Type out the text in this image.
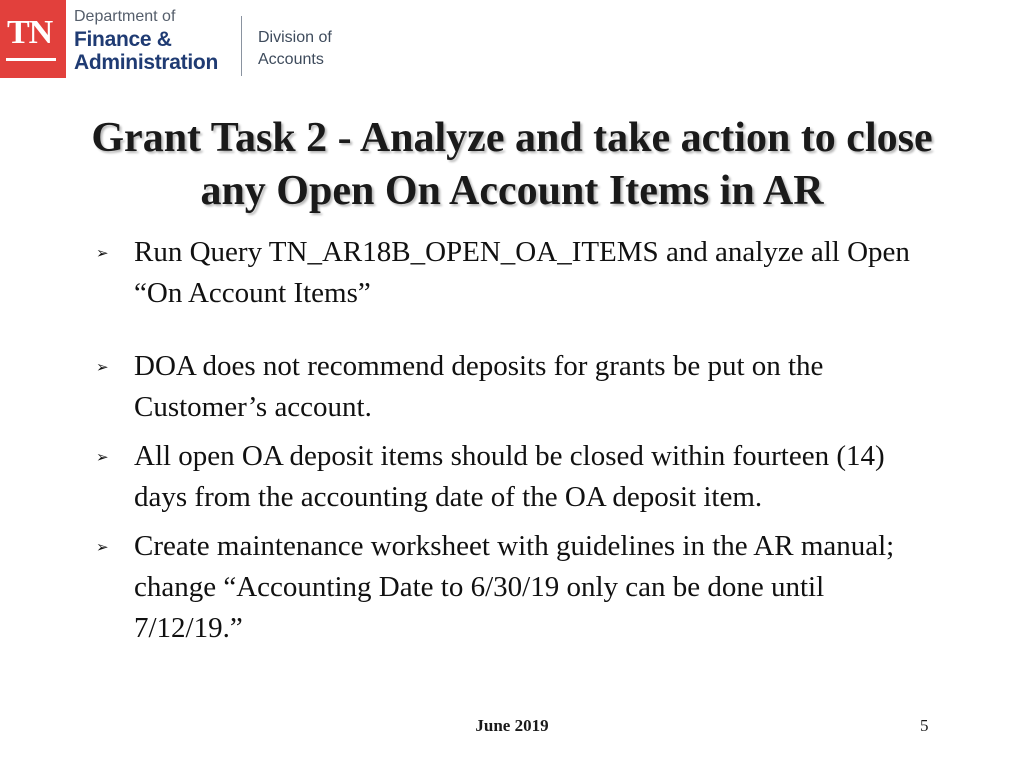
TN Department of
Finance &
Administration
Division of
Accounts
Grant Task 2 - Analyze and take action to close
any Open On Account Items in AR
➢ Run Query TN_AR18B_OPEN_OA_ITEMS and analyze all Open “On Account Items”
➢ DOA does not recommend deposits for grants be put on the Customer’s account.
➢ All open OA deposit items should be closed within fourteen (14) days from the accounting date of the OA deposit item.
➢ Create maintenance worksheet with guidelines in the AR manual; change “Accounting Date to 6/30/19 only can be done until 7/12/19.”
June 2019	5
